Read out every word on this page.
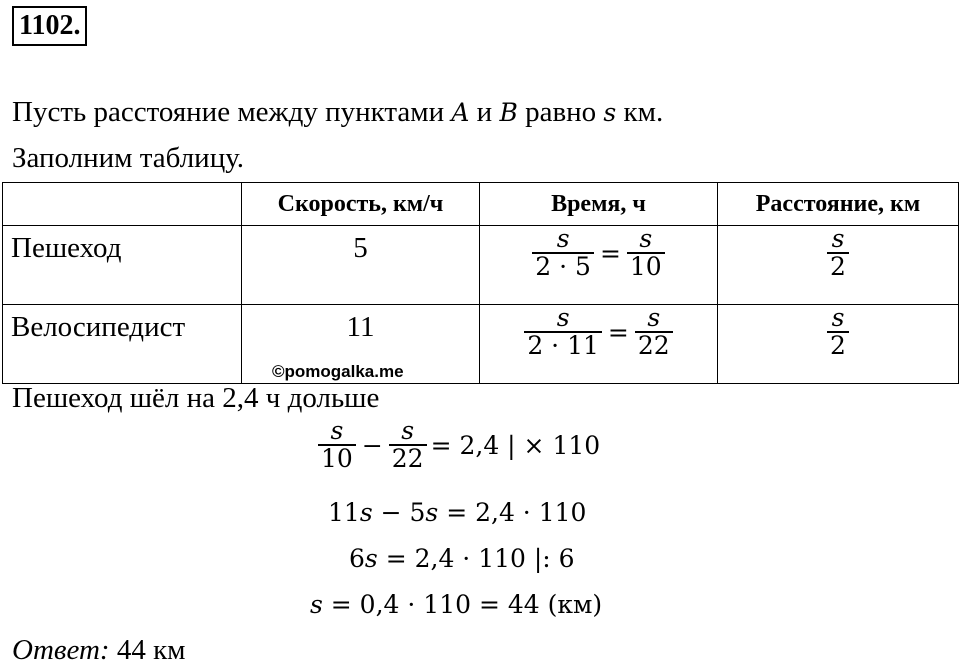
1102.
Пусть расстояние между пунктами A и B равно s км.
Заполним таблицу.
	Скорость, км/ч	Время, ч	Расстояние, км
Пешеход	5	$\frac{s}{2 \cdot 5} = \frac{s}{10}$	$\frac{s}{2}$

Велосипедист	11	$\frac{s}{2 \cdot 11} = \frac{s}{22}$	$\frac{s}{2}$
©pomogalka.me
Пешеход шёл на 2,4 ч дольше
$\frac{s}{10} - \frac{s}{22} = 2,4$ | × 110
11s − 5s = 2,4 · 110
6s = 2,4 · 110 |: 6
s = 0,4 · 110 = 44 (км)
Ответ: 44 км
